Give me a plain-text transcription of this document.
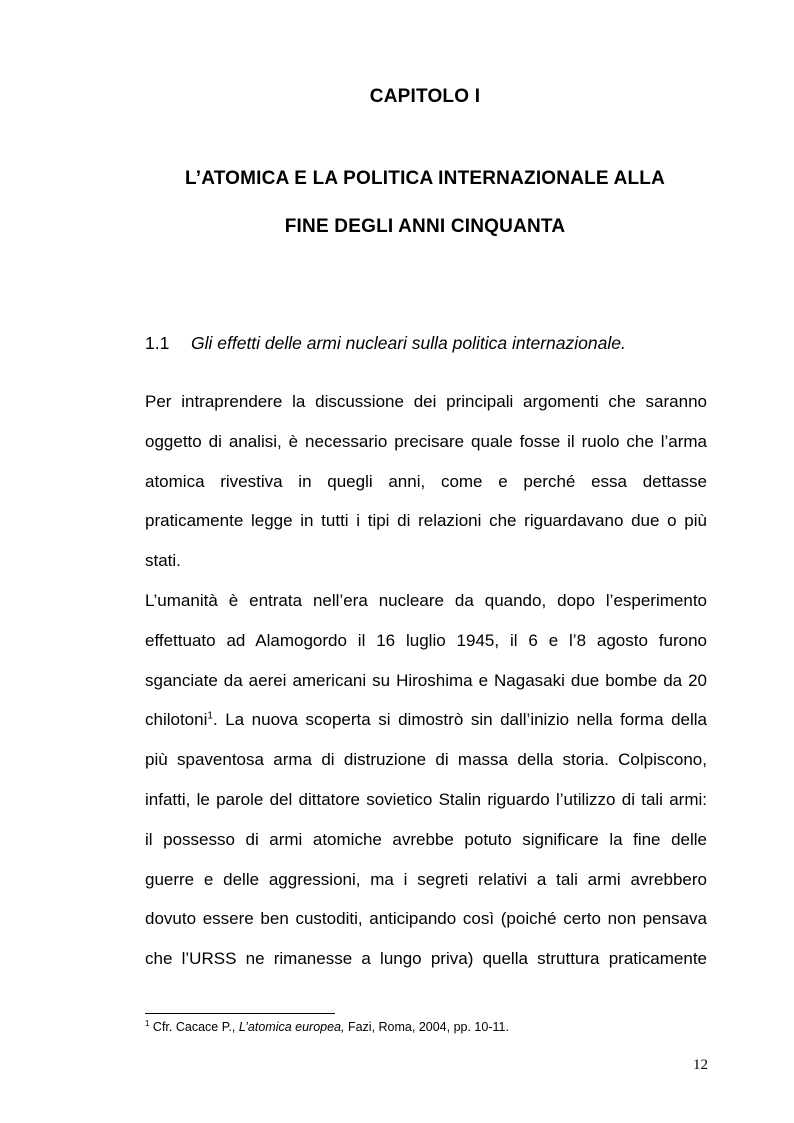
CAPITOLO I
L’ATOMICA E LA POLITICA INTERNAZIONALE ALLA
FINE DEGLI ANNI CINQUANTA
1.1 Gli effetti delle armi nucleari sulla politica internazionale.
Per intraprendere la discussione dei principali argomenti che saranno
oggetto di analisi, è necessario precisare quale fosse il ruolo che l’arma
atomica rivestiva in quegli anni, come e perché essa dettasse
praticamente legge in tutti i tipi di relazioni che riguardavano due o più
stati.
L’umanità è entrata nell’era nucleare da quando, dopo l’esperimento
effettuato ad Alamogordo il 16 luglio 1945, il 6 e l’8 agosto furono
sganciate da aerei americani su Hiroshima e Nagasaki due bombe da 20
chilotoni$^1$. La nuova scoperta si dimostrò sin dall’inizio nella forma della
più spaventosa arma di distruzione di massa della storia. Colpiscono,
infatti, le parole del dittatore sovietico Stalin riguardo l’utilizzo di tali armi:
il possesso di armi atomiche avrebbe potuto significare la fine delle
guerre e delle aggressioni, ma i segreti relativi a tali armi avrebbero
dovuto essere ben custoditi, anticipando così (poiché certo non pensava
che l’URSS ne rimanesse a lungo priva) quella struttura praticamente
$^1$ Cfr. Cacace P., L’atomica europea, Fazi, Roma, 2004, pp. 10-11.
12
